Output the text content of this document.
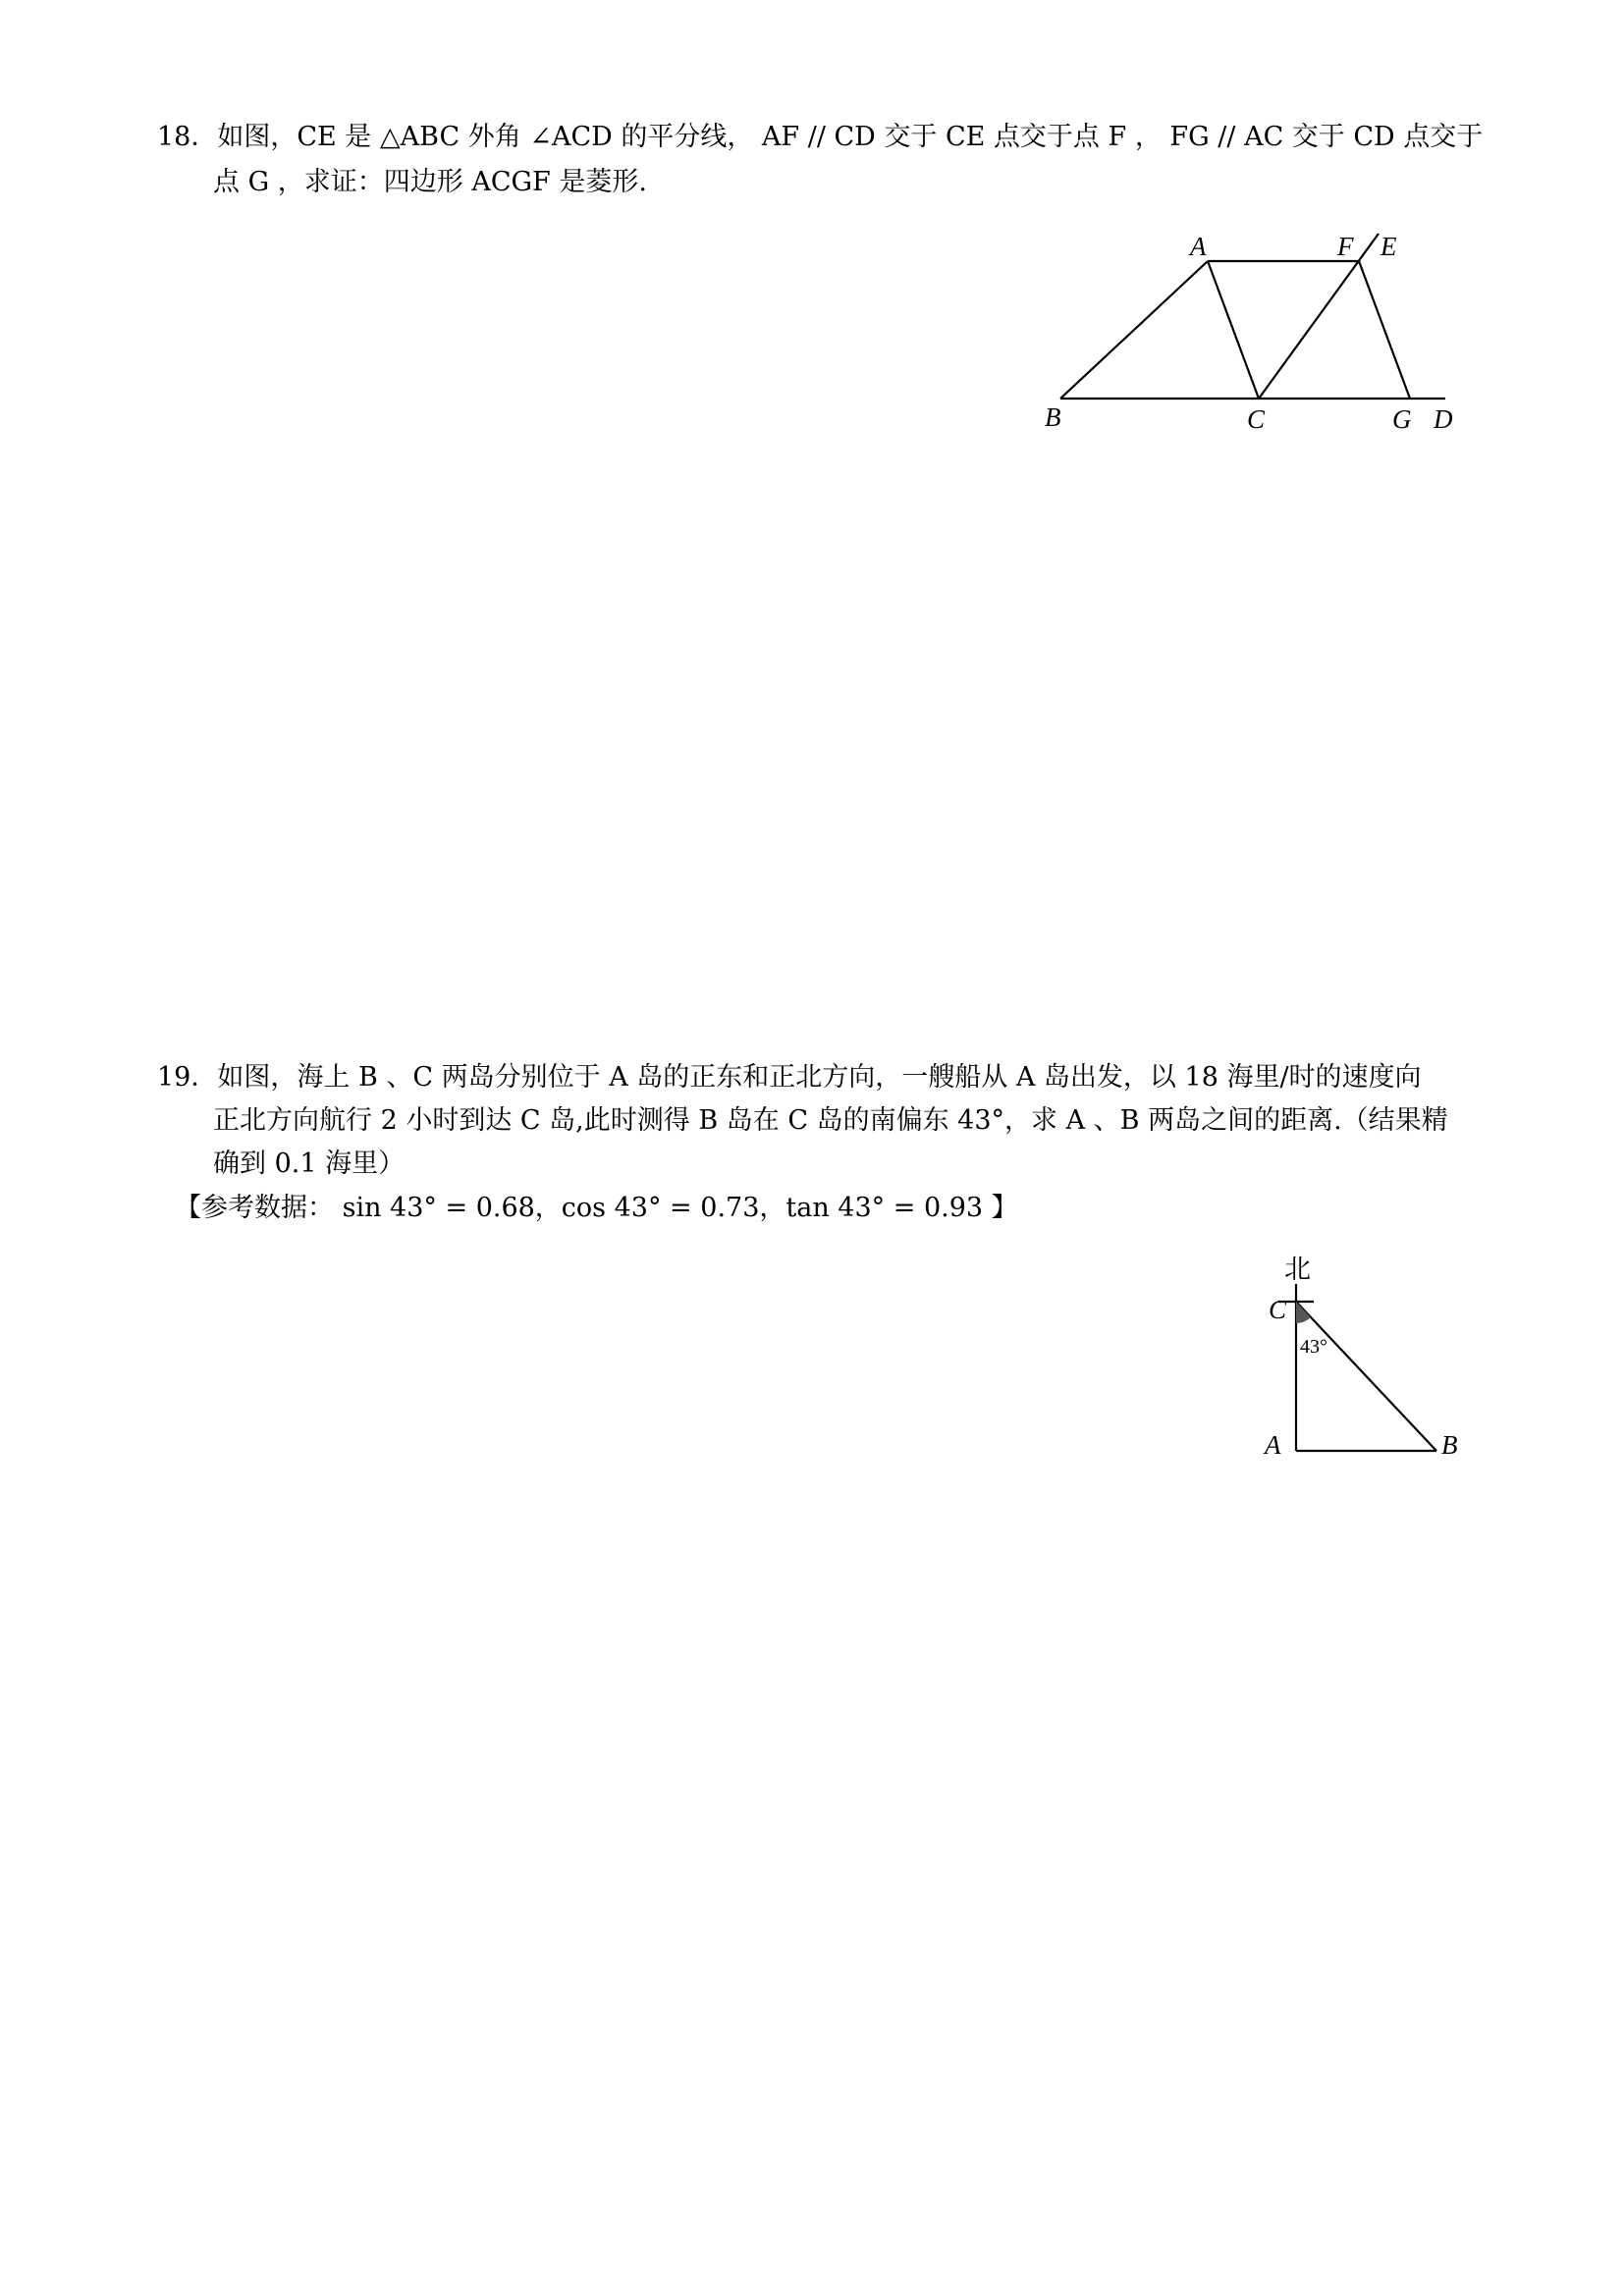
18．如图，CE 是 △ABC 外角 ∠ACD 的平分线， AF // CD 交于 CE 点交于点 F ， FG // AC 交于 CD 点交于
点 G ，求证：四边形 ACGF 是菱形.
A	F E
B	C	G D
19．如图，海上 B 、C 两岛分别位于 A 岛的正东和正北方向，一艘船从 A 岛出发，以 18 海里/时的速度向
正北方向航行 2 小时到达 C 岛,此时测得 B 岛在 C 岛的南偏东 43°，求 A 、B 两岛之间的距离.（结果精
确到 0.1 海里）
【参考数据： sin 43° = 0.68，cos 43° = 0.73，tan 43° = 0.93 】
北
C
43°
A	B
